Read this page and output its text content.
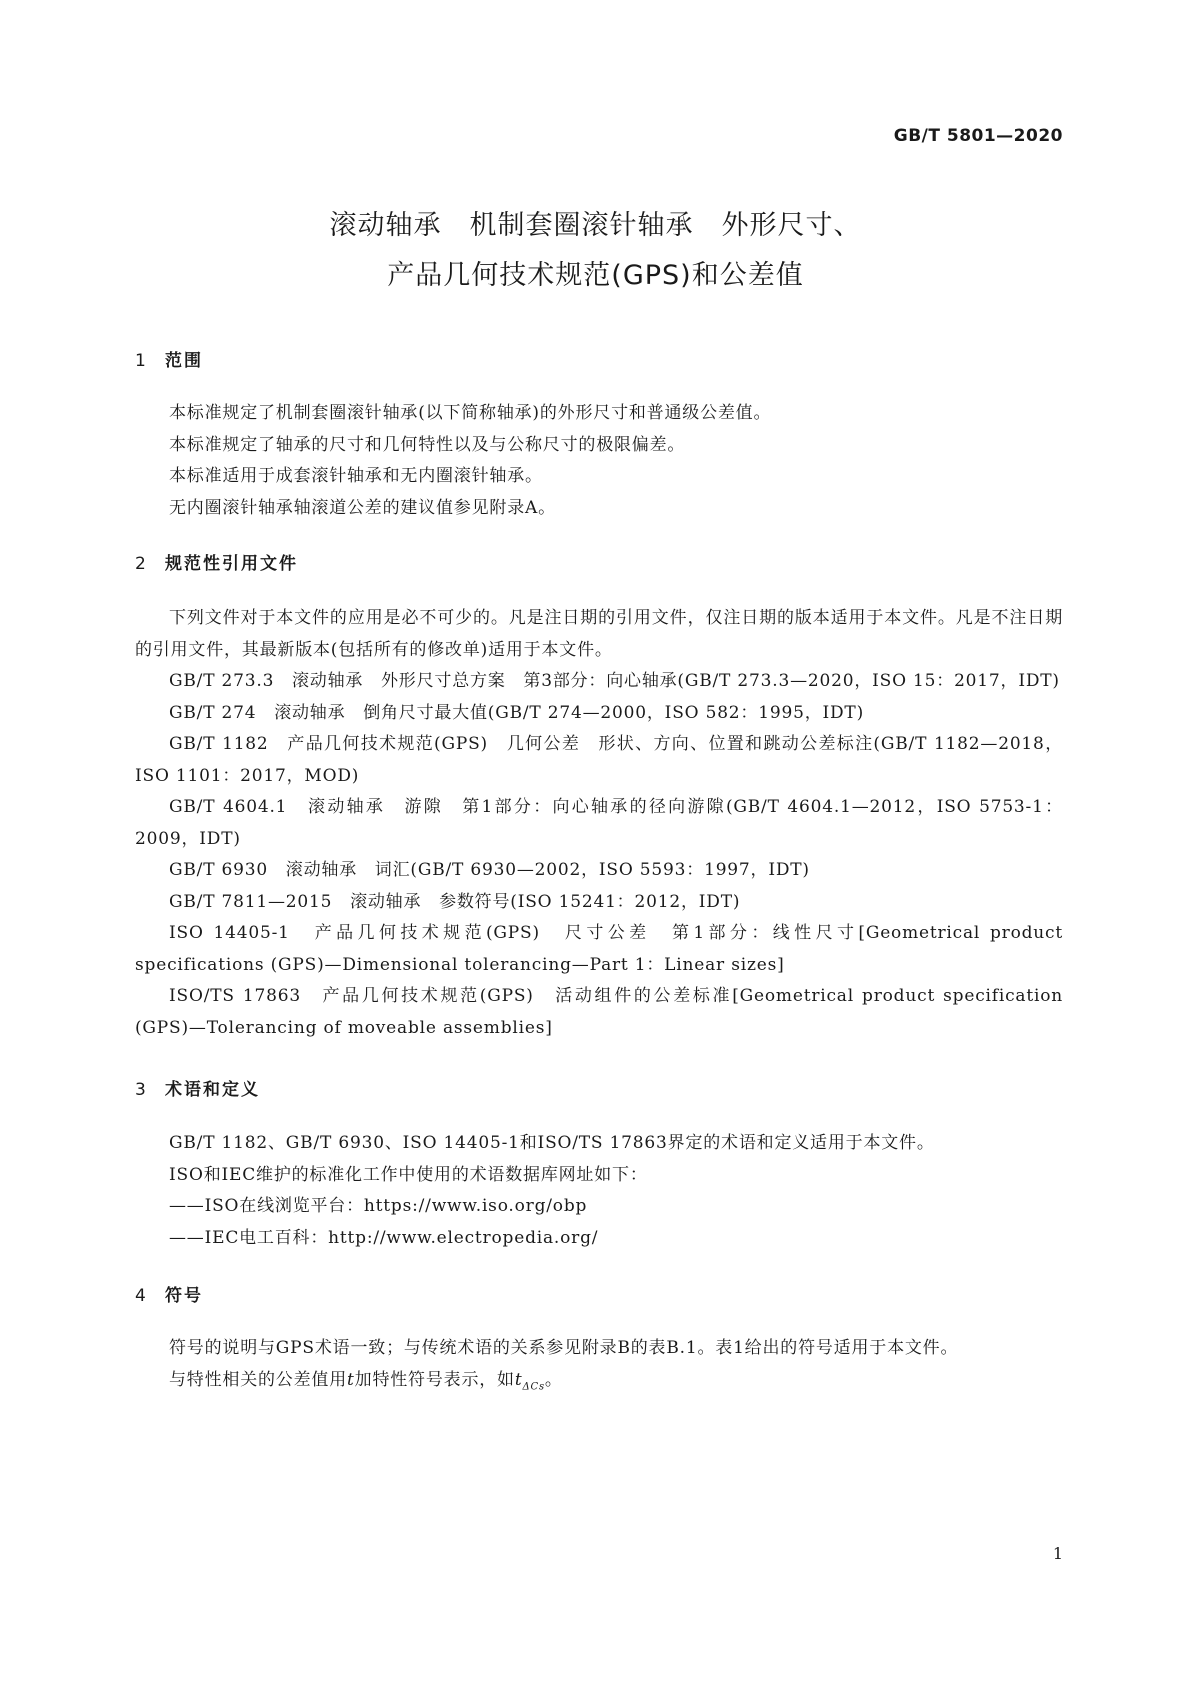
GB/T 5801—2020
滚动轴承　机制套圈滚针轴承　外形尺寸、
产品几何技术规范(GPS)和公差值
1 范围

本标准规定了机制套圈滚针轴承(以下简称轴承)的外形尺寸和普通级公差值。

本标准规定了轴承的尺寸和几何特性以及与公称尺寸的极限偏差。

本标准适用于成套滚针轴承和无内圈滚针轴承。

无内圈滚针轴承轴滚道公差的建议值参见附录A。

2 规范性引用文件

下列文件对于本文件的应用是必不可少的。凡是注日期的引用文件，仅注日期的版本适用于本文件。凡是不注日期的引用文件，其最新版本(包括所有的修改单)适用于本文件。

GB/T 273.3　滚动轴承　外形尺寸总方案　第3部分：向心轴承(GB/T 273.3—2020，ISO 15：2017，IDT)

GB/T 274　滚动轴承　倒角尺寸最大值(GB/T 274—2000，ISO 582：1995，IDT)

GB/T 1182　产品几何技术规范(GPS)　几何公差　形状、方向、位置和跳动公差标注(GB/T 1182—2018，ISO 1101：2017，MOD)

GB/T 4604.1　滚动轴承　游隙　第1部分：向心轴承的径向游隙(GB/T 4604.1—2012，ISO 5753-1：2009，IDT)

GB/T 6930　滚动轴承　词汇(GB/T 6930—2002，ISO 5593：1997，IDT)

GB/T 7811—2015　滚动轴承　参数符号(ISO 15241：2012，IDT)

ISO 14405-1　产品几何技术规范(GPS)　尺寸公差　第1部分：线性尺寸[Geometrical product specifications (GPS)—Dimensional tolerancing—Part 1：Linear sizes]

ISO/TS 17863　产品几何技术规范(GPS)　活动组件的公差标准[Geometrical product specification (GPS)—Tolerancing of moveable assemblies]

3 术语和定义

GB/T 1182、GB/T 6930、ISO 14405-1和ISO/TS 17863界定的术语和定义适用于本文件。

ISO和IEC维护的标准化工作中使用的术语数据库网址如下：

——ISO在线浏览平台：https://www.iso.org/obp

——IEC电工百科：http://www.electropedia.org/

4 符号

符号的说明与GPS术语一致；与传统术语的关系参见附录B的表B.1。表1给出的符号适用于本文件。

与特性相关的公差值用t加特性符号表示，如$t_{\Delta Cs}$。

1
